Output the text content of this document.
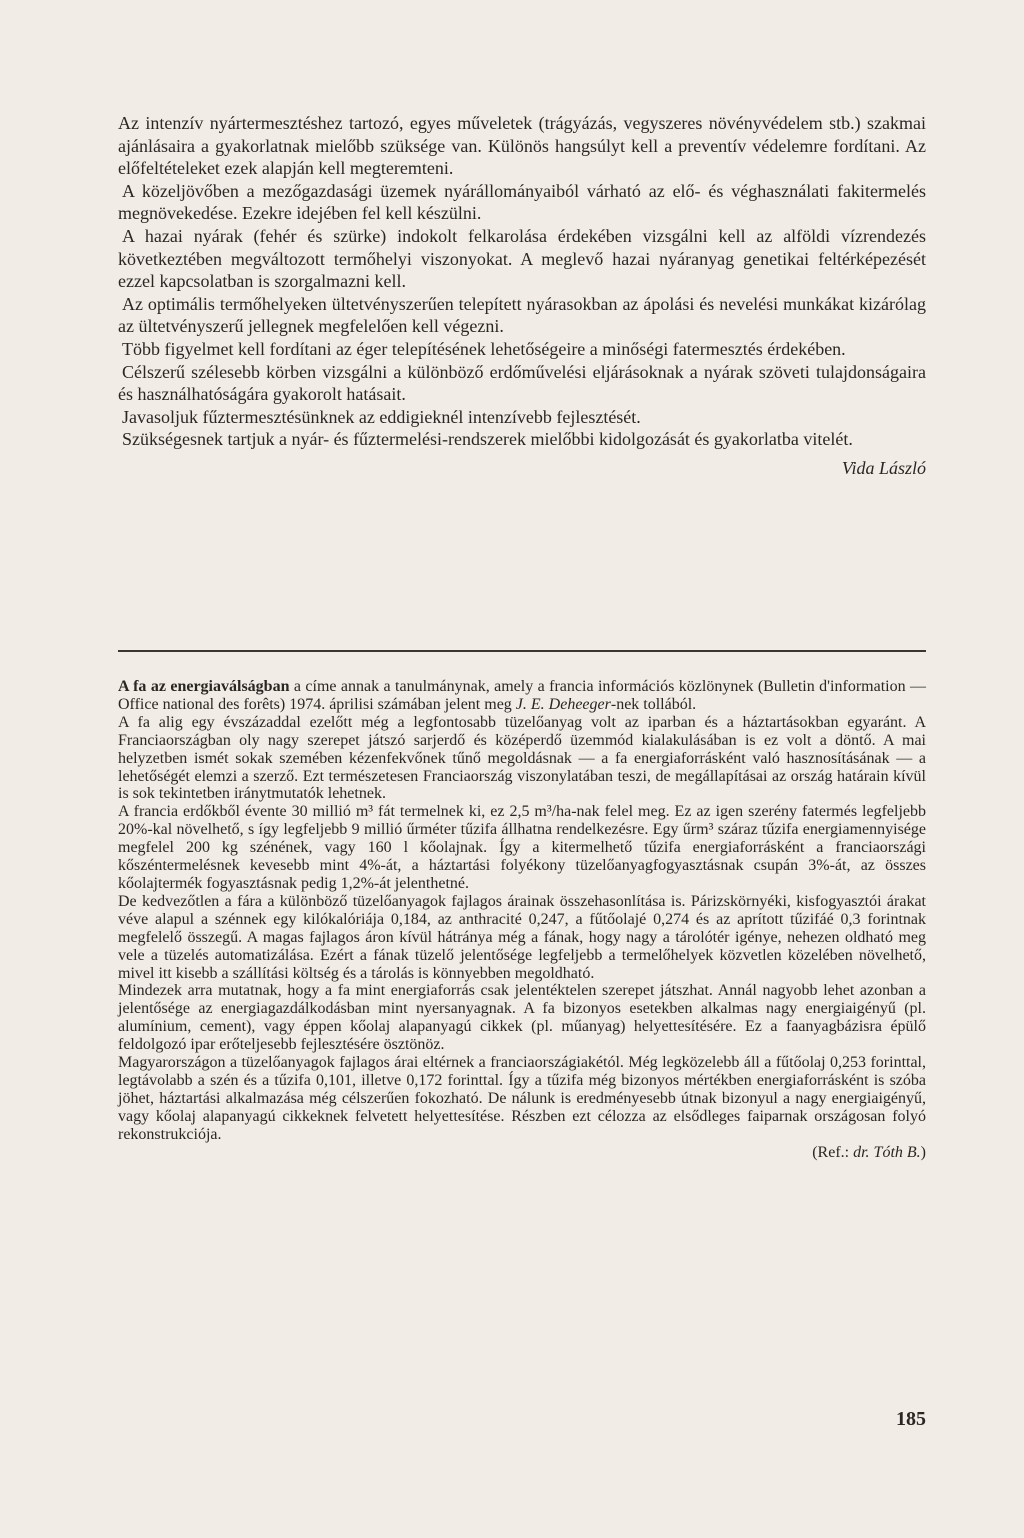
Az intenzív nyártermesztéshez tartozó, egyes műveletek (trágyázás, vegyszeres növényvédelem stb.) szakmai ajánlásaira a gyakorlatnak mielőbb szüksége van. Különös hangsúlyt kell a preventív védelemre fordítani. Az előfeltételeket ezek alapján kell megteremteni.

A közeljövőben a mezőgazdasági üzemek nyárállományaiból várható az elő- és véghasználati fakitermelés megnövekedése. Ezekre idejében fel kell készülni.

A hazai nyárak (fehér és szürke) indokolt felkarolása érdekében vizsgálni kell az alföldi vízrendezés következtében megváltozott termőhelyi viszonyokat. A meglevő hazai nyáranyag genetikai feltérképezését ezzel kapcsolatban is szorgalmazni kell.

Az optimális termőhelyeken ültetvényszerűen telepített nyárasokban az ápolási és nevelési munkákat kizárólag az ültetvényszerű jellegnek megfelelően kell végezni.

Több figyelmet kell fordítani az éger telepítésének lehetőségeire a minőségi fatermesztés érdekében.

Célszerű szélesebb körben vizsgálni a különböző erdőművelési eljárásoknak a nyárak szöveti tulajdonságaira és használhatóságára gyakorolt hatásait.

Javasoljuk fűztermesztésünknek az eddigieknél intenzívebb fejlesztését.

Szükségesnek tartjuk a nyár- és fűztermelési-rendszerek mielőbbi kidolgozását és gyakorlatba vitelét.

Vida László

A fa az energiaválságban a címe annak a tanulmánynak, amely a francia információs közlönynek (Bulletin d'information — Office national des forêts) 1974. áprilisi számában jelent meg J. E. Deheeger-nek tollából.

A fa alig egy évszázaddal ezelőtt még a legfontosabb tüzelőanyag volt az iparban és a háztartásokban egyaránt. A Franciaországban oly nagy szerepet játszó sarjerdő és középerdő üzemmód kialakulásában is ez volt a döntő. A mai helyzetben ismét sokak szemében kézenfekvőnek tűnő megoldásnak — a fa energiaforrásként való hasznosításának — a lehetőségét elemzi a szerző. Ezt természetesen Franciaország viszonylatában teszi, de megállapításai az ország határain kívül is sok tekintetben iránytmutatók lehetnek.

A francia erdőkből évente 30 millió m³ fát termelnek ki, ez 2,5 m³/ha-nak felel meg. Ez az igen szerény fatermés legfeljebb 20%-kal növelhető, s így legfeljebb 9 millió űrméter tűzifa állhatna rendelkezésre. Egy űrm³ száraz tűzifa energiamennyisége megfelel 200 kg szénének, vagy 160 l kőolajnak. Így a kitermelhető tűzifa energiaforrásként a franciaországi kőszéntermelésnek kevesebb mint 4%-át, a háztartási folyékony tüzelőanyagfogyasztásnak csupán 3%-át, az összes kőolajtermék fogyasztásnak pedig 1,2%-át jelenthetné.

De kedvezőtlen a fára a különböző tüzelőanyagok fajlagos árainak összehasonlítása is. Párizskörnyéki, kisfogyasztói árakat véve alapul a szénnek egy kilókalóriája 0,184, az anthracité 0,247, a fűtőolajé 0,274 és az aprított tűzifáé 0,3 forintnak megfelelő összegű. A magas fajlagos áron kívül hátránya még a fának, hogy nagy a tárolótér igénye, nehezen oldható meg vele a tüzelés automatizálása. Ezért a fának tüzelő jelentősége legfeljebb a termelőhelyek közvetlen közelében növelhető, mivel itt kisebb a szállítási költség és a tárolás is könnyebben megoldható.

Mindezek arra mutatnak, hogy a fa mint energiaforrás csak jelentéktelen szerepet játszhat. Annál nagyobb lehet azonban a jelentősége az energiagazdálkodásban mint nyersanyagnak. A fa bizonyos esetekben alkalmas nagy energiaigényű (pl. alumínium, cement), vagy éppen kőolaj alapanyagú cikkek (pl. műanyag) helyettesítésére. Ez a faanyagbázisra épülő feldolgozó ipar erőteljesebb fejlesztésére ösztönöz.

Magyarországon a tüzelőanyagok fajlagos árai eltérnek a franciaországiakétól. Még legközelebb áll a fűtőolaj 0,253 forinttal, legtávolabb a szén és a tűzifa 0,101, illetve 0,172 forinttal. Így a tűzifa még bizonyos mértékben energiaforrásként is szóba jöhet, háztartási alkalmazása még célszerűen fokozható. De nálunk is eredményesebb útnak bizonyul a nagy energiaigényű, vagy kőolaj alapanyagú cikkeknek felvetett helyettesítése. Részben ezt célozza az elsődleges faiparnak országosan folyó rekonstrukciója.

(Ref.: dr. Tóth B.)

185
